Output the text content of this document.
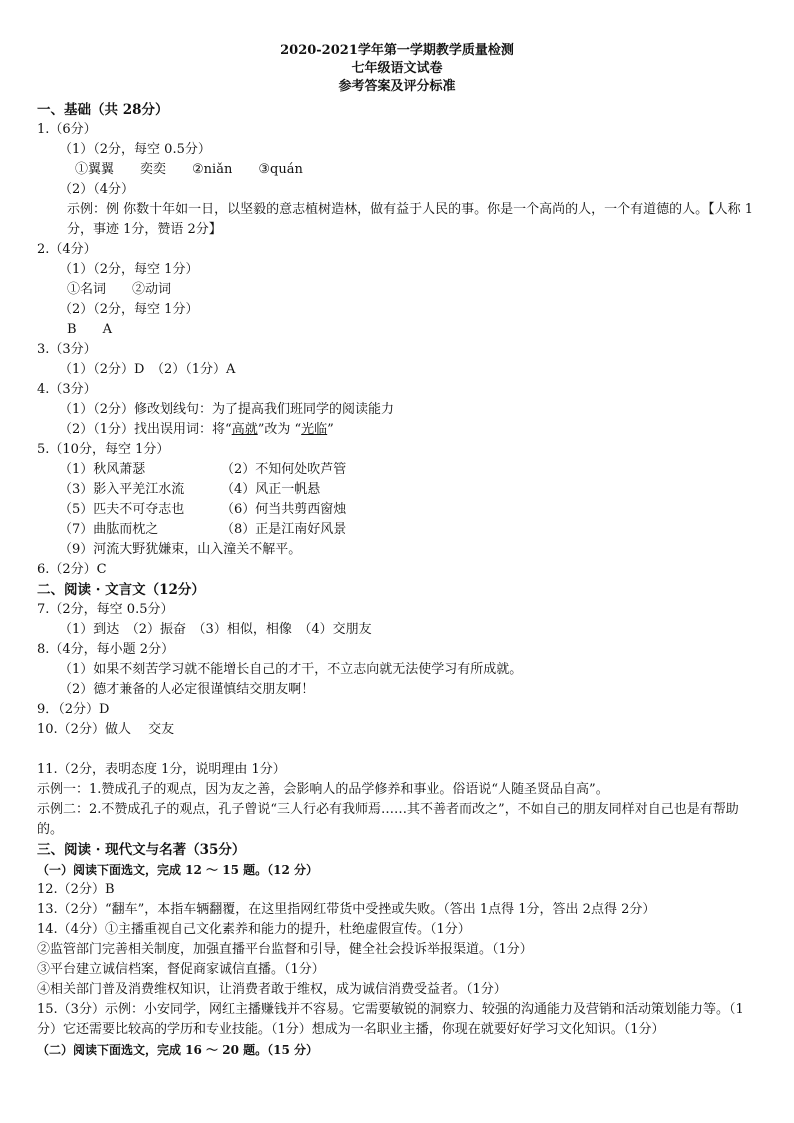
2020-2021学年第一学期教学质量检测
七年级语文试卷
参考答案及评分标准
一、基础（共 28分）
1.（6分）
（1）（2分，每空 0.5分）
①翼翼 奕奕 ②niǎn ③quán
（2）（4分）
示例：例 你数十年如一日，以坚毅的意志植树造林，做有益于人民的事。你是一个高尚的人，一个有道德的人。【人称 1分，事迹 1分，赞语 2分】
2.（4分）
（1）（2分，每空 1分）
①名词 ②动词
（2）（2分，每空 1分）
B A
3.（3分）
（1）（2分）D　（2）（1分）A
4.（3分）
（1）（2分）修改划线句：为了提高我们班同学的阅读能力
（2）（1分）找出误用词：将“高就”改为 “光临”
5.（10分，每空 1分）
（1）秋风萧瑟	（2）不知何处吹芦管
（3）影入平羌江水流	（4）风正一帆悬
（5）匹夫不可夺志也	（6）何当共剪西窗烛
（7）曲肱而枕之	（8）正是江南好风景
（9）河流大野犹嫌束，山入潼关不解平。
6.（2分）C
二、阅读 · 文言文（12分）
7.（2分，每空 0.5分）
（1）到达　（2）振奋　（3）相似，相像　（4）交朋友
8.（4分，每小题 2分）
（1）如果不刻苦学习就不能增长自己的才干，不立志向就无法使学习有所成就。
（2）德才兼备的人必定很谨慎结交朋友啊！
9．（2分）D
10.（2分）做人　 交友
11.（2分，表明态度 1分，说明理由 1分）
示例一：1.赞成孔子的观点，因为友之善，会影响人的品学修养和事业。俗语说“人随圣贤品自高”。
示例二：2.不赞成孔子的观点，孔子曾说“三人行必有我师焉……其不善者而改之”，不如自己的朋友同样对自己也是有帮助的。
三、阅读 · 现代文与名著（35分）
（一）阅读下面选文，完成 12 ～ 15 题。（12 分）
12.（2分）B
13.（2分）“翻车”，本指车辆翻覆，在这里指网红带货中受挫或失败。（答出 1点得 1分，答出 2点得 2分）
14.（4分）①主播重视自己文化素养和能力的提升，杜绝虚假宣传。（1分）
②监管部门完善相关制度，加强直播平台监督和引导，健全社会投诉举报渠道。（1分）
③平台建立诚信档案，督促商家诚信直播。（1分）
④相关部门普及消费维权知识，让消费者敢于维权，成为诚信消费受益者。（1分）
15.（3分）示例：小安同学，网红主播赚钱并不容易。它需要敏锐的洞察力、较强的沟通能力及营销和活动策划能力等。（1分）它还需要比较高的学历和专业技能。（1分）想成为一名职业主播，你现在就要好好学习文化知识。（1分）
（二）阅读下面选文，完成 16 ～ 20 题。（15 分）
